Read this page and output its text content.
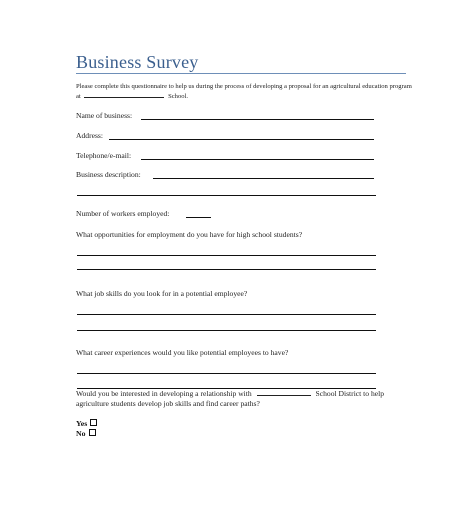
Business Survey
Please complete this questionnaire to help us during the process of developing a proposal for an agricultural education program at	School.
Name of business:
Address:
Telephone/e-mail:
Business description:
Number of workers employed:
What opportunities for employment do you have for high school students?
What job skills do you look for in a potential employee?
What career experiences would you like potential employees to have?
Would you be interested in developing a relationship with	School District to help agriculture students develop job skills and find career paths?
Yes
No
